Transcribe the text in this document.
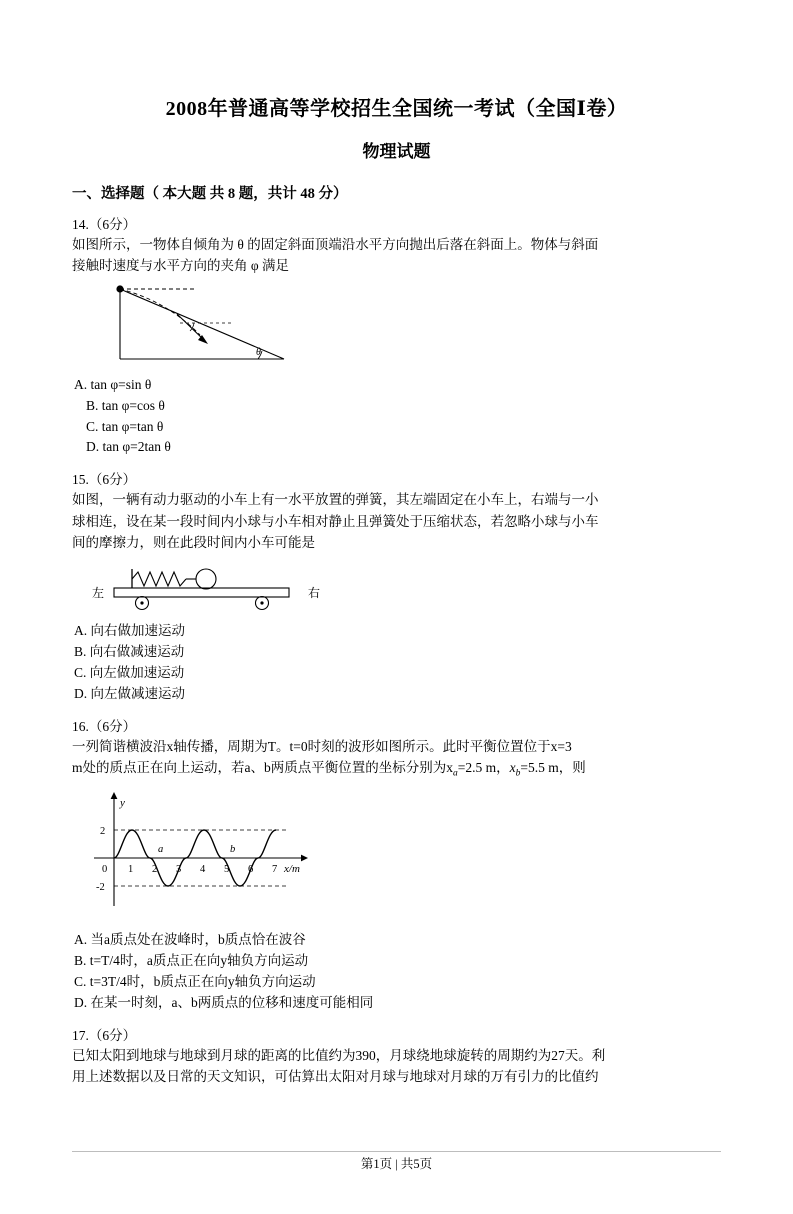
2008年普通高等学校招生全国统一考试（全国Ⅰ卷）
物理试题
一、选择题（ 本大题 共 8 题，共计 48 分）
14.（6分）
如图所示，一物体自倾角为 θ 的固定斜面顶端沿水平方向抛出后落在斜面上。物体与斜面
接触时速度与水平方向的夹角 φ 满足
θ
A. tan φ=sin θ
B. tan φ=cos θ
C. tan φ=tan θ
D. tan φ=2tan θ
15.（6分）
如图，一辆有动力驱动的小车上有一水平放置的弹簧，其左端固定在小车上，右端与一小
球相连，设在某一段时间内小球与小车相对静止且弹簧处于压缩状态，若忽略小球与小车
间的摩擦力，则在此段时间内小车可能是
左	右
A. 向右做加速运动
B. 向右做减速运动
C. 向左做加速运动
D. 向左做减速运动
16.（6分）
一列简谐横波沿x轴传播，周期为T。t=0时刻的波形如图所示。此时平衡位置位于x=3
m处的质点正在向上运动，若a、b两质点平衡位置的坐标分别为$x_a=2.5$ m，$x_b=5.5$ m，则
0 1 2 3 4 5 6 7
2
-2
y
x/m
a	b
A. 当a质点处在波峰时，b质点恰在波谷
B. t=T/4时，a质点正在向y轴负方向运动
C. t=3T/4时，b质点正在向y轴负方向运动
D. 在某一时刻，a、b两质点的位移和速度可能相同
17.（6分）
已知太阳到地球与地球到月球的距离的比值约为390，月球绕地球旋转的周期约为27天。利
用上述数据以及日常的天文知识，可估算出太阳对月球与地球对月球的万有引力的比值约
第1页 | 共5页
